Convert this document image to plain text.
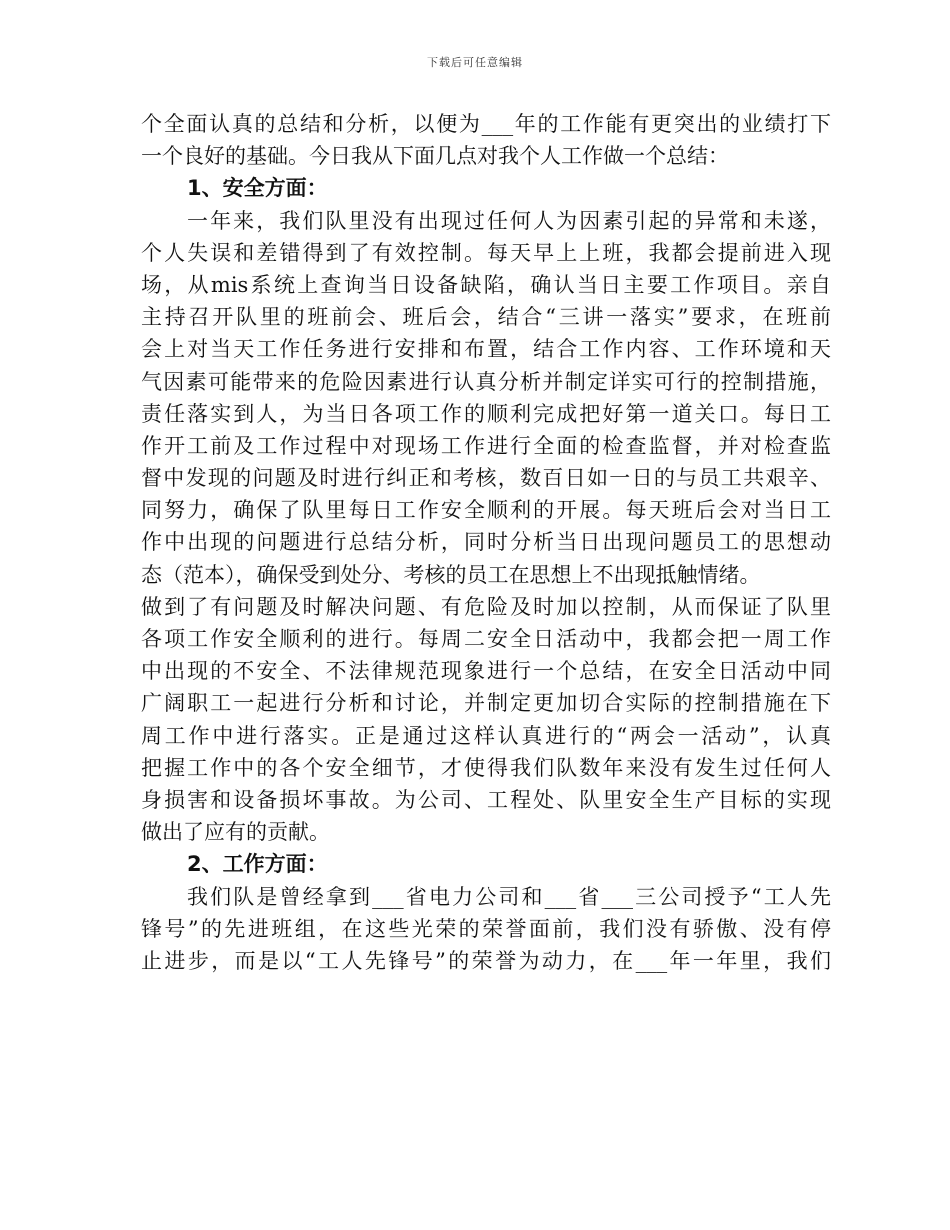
下载后可任意编辑
个全面认真的总结和分析，以便为___年的工作能有更突出的业绩打下
一个良好的基础。今日我从下面几点对我个人工作做一个总结：
1、安全方面：
一年来，我们队里没有出现过任何人为因素引起的异常和未遂，
个人失误和差错得到了有效控制。每天早上上班，我都会提前进入现
场，从mis系统上查询当日设备缺陷，确认当日主要工作项目。亲自
主持召开队里的班前会、班后会，结合“三讲一落实”要求，在班前
会上对当天工作任务进行安排和布置，结合工作内容、工作环境和天
气因素可能带来的危险因素进行认真分析并制定详实可行的控制措施，
责任落实到人，为当日各项工作的顺利完成把好第一道关口。每日工
作开工前及工作过程中对现场工作进行全面的检查监督，并对检查监
督中发现的问题及时进行纠正和考核，数百日如一日的与员工共艰辛、
同努力，确保了队里每日工作安全顺利的开展。每天班后会对当日工
作中出现的问题进行总结分析，同时分析当日出现问题员工的思想动
态（范本），确保受到处分、考核的员工在思想上不出现抵触情绪。
做到了有问题及时解决问题、有危险及时加以控制，从而保证了队里
各项工作安全顺利的进行。每周二安全日活动中，我都会把一周工作
中出现的不安全、不法律规范现象进行一个总结，在安全日活动中同
广阔职工一起进行分析和讨论，并制定更加切合实际的控制措施在下
周工作中进行落实。正是通过这样认真进行的“两会一活动”，认真
把握工作中的各个安全细节，才使得我们队数年来没有发生过任何人
身损害和设备损坏事故。为公司、工程处、队里安全生产目标的实现
做出了应有的贡献。
2、工作方面：
我们队是曾经拿到___省电力公司和___省___三公司授予“工人先
锋号”的先进班组，在这些光荣的荣誉面前，我们没有骄傲、没有停
止进步，而是以“工人先锋号”的荣誉为动力，在___年一年里，我们
